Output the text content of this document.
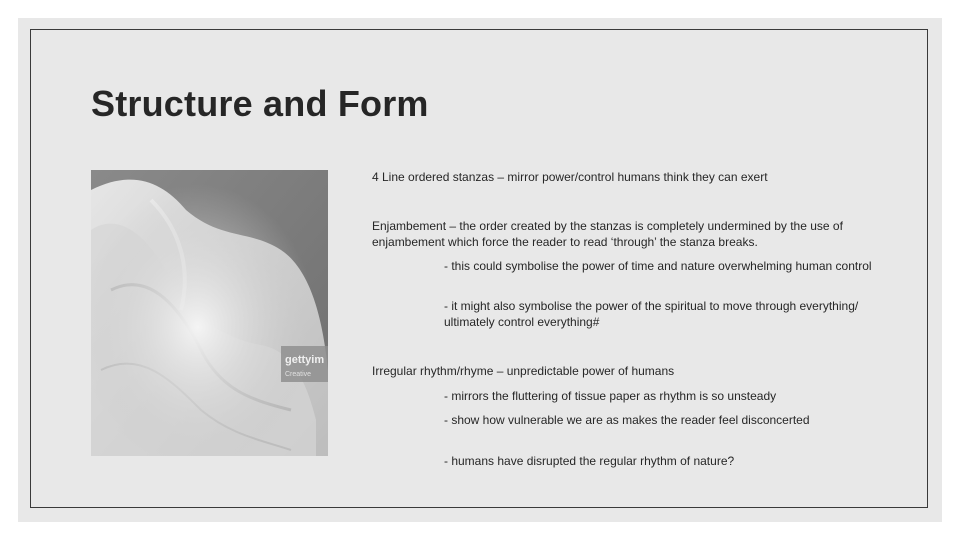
Structure and Form
gettyim
Creative

4 Line ordered stanzas – mirror power/control humans think they can exert

Enjambement – the order created by the stanzas is completely undermined by the use of enjambement which force the reader to read ‘through’ the stanza breaks.

- this could symbolise the power of time and nature overwhelming human control

- it might also symbolise the power of the spiritual to move through everything/ ultimately control everything#

Irregular rhythm/rhyme – unpredictable power of humans

- mirrors the fluttering of tissue paper as rhythm is so unsteady

- show how vulnerable we are as makes the reader feel disconcerted

- humans have disrupted the regular rhythm of nature?
